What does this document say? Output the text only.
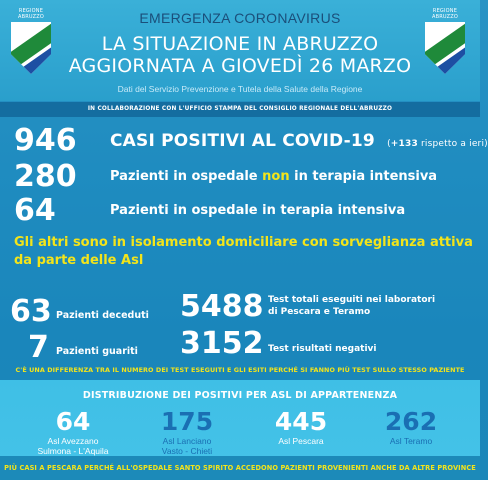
REGIONE ABRUZZO
REGIONE ABRUZZO
EMERGENZA CORONAVIRUS
LA SITUAZIONE IN ABRUZZO
AGGIORNATA A GIOVEDÌ 26 MARZO
Dati del Servizio Prevenzione e Tutela della Salute della Regione
IN COLLABORAZIONE CON L'UFFICIO STAMPA DEL CONSIGLIO REGIONALE DELL'ABRUZZO
946 CASI POSITIVI AL COVID-19 (+133 rispetto a ieri)
280	Pazienti in ospedale non in terapia intensiva
64	Pazienti in ospedale in terapia intensiva
Gli altri sono in isolamento domiciliare con sorveglianza attiva da parte delle Asl
63 Pazienti deceduti
7 Pazienti guariti
5488 Test totali eseguiti nei laboratori
di Pescara e Teramo
3152 Test risultati negativi
C'È UNA DIFFERENZA TRA IL NUMERO DEI TEST ESEGUITI E GLI ESITI PERCHÉ SI FANNO PIÙ TEST SULLO STESSO PAZIENTE
DISTRIBUZIONE DEI POSITIVI PER ASL DI APPARTENENZA
64
Asl Avezzano
Sulmona - L'Aquila
175
Asl Lanciano
Vasto - Chieti
445
Asl Pescara
262
Asl Teramo
PIÙ CASI A PESCARA PERCHÉ ALL'OSPEDALE SANTO SPIRITO ACCEDONO PAZIENTI PROVENIENTI ANCHE DA ALTRE PROVINCE
